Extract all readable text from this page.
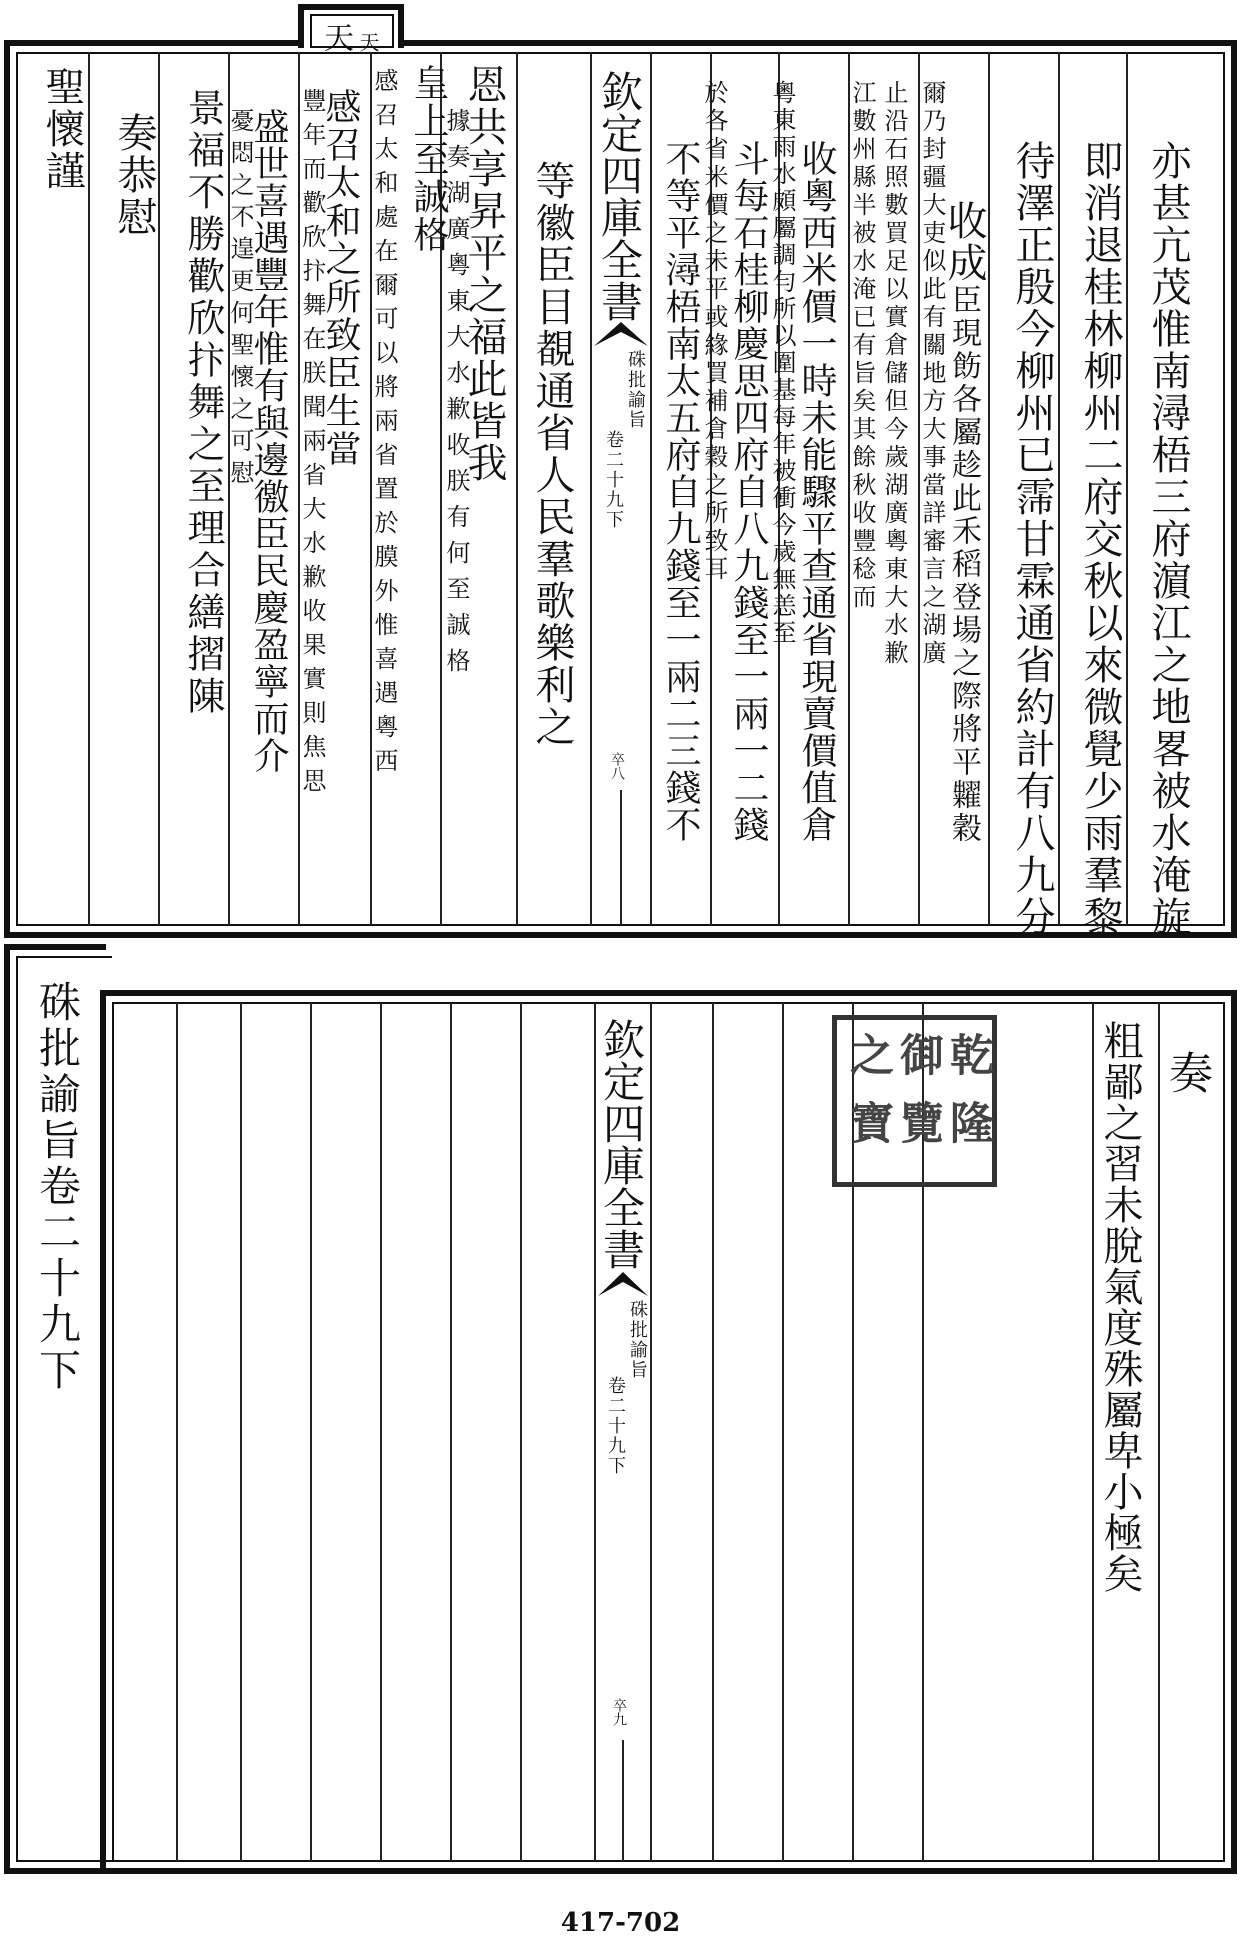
天 天
亦甚亢茂惟南潯梧三府濵江之地畧被水淹旋
即消退桂林柳州二府交秋以來微覺少雨羣黎
待澤正殷今柳州已霈甘霖通省約計有八九分
收成
臣現飭各屬趁此禾稻登場之際將平糶穀
爾乃封疆大吏似此有關地方大事當詳審言之湖廣
止沿石照數買足以實倉儲但今歲湖廣粵東大水歉
江數州縣半被水淹已有旨矣其餘秋收豐稔而
收粵西米價一時未能驟平查通省現賣價值倉
粵東雨水頗屬調勻所以圍基每年被衝今歲無恙至
斗每石桂柳慶思四府自八九錢至一兩一二錢
於各省米價之未平或緣買補倉穀之所致耳
不等平潯梧南太五府自九錢至一兩二三錢不
欽定四庫全書
硃批諭旨
卷二十九下
卒八
等徽臣目覩通省人民羣歌樂利之
恩共享昇平之福此皆我
據奏湖廣粵東大水歉收朕有何至誠格
皇上至誠格
感召太和處在爾可以將兩省置於膜外惟喜遇粵西
感召太和之所致臣生當
豐年而歡欣抃舞在朕聞兩省大水歉收果實則焦思
盛世喜遇豐年惟有與邊徼臣民慶盈寧而介
憂悶之不遑更何聖懷之可慰
景福不勝歡欣抃舞之至理合繕摺陳
奏恭慰
聖懷謹
硃批諭旨卷二十九下	奏
粗鄙之習未脫氣度殊屬卑小極矣
乾
隆
御
覽
之
寶
欽定四庫全書
硃批諭旨
卷二十九下
卒九
417-702
